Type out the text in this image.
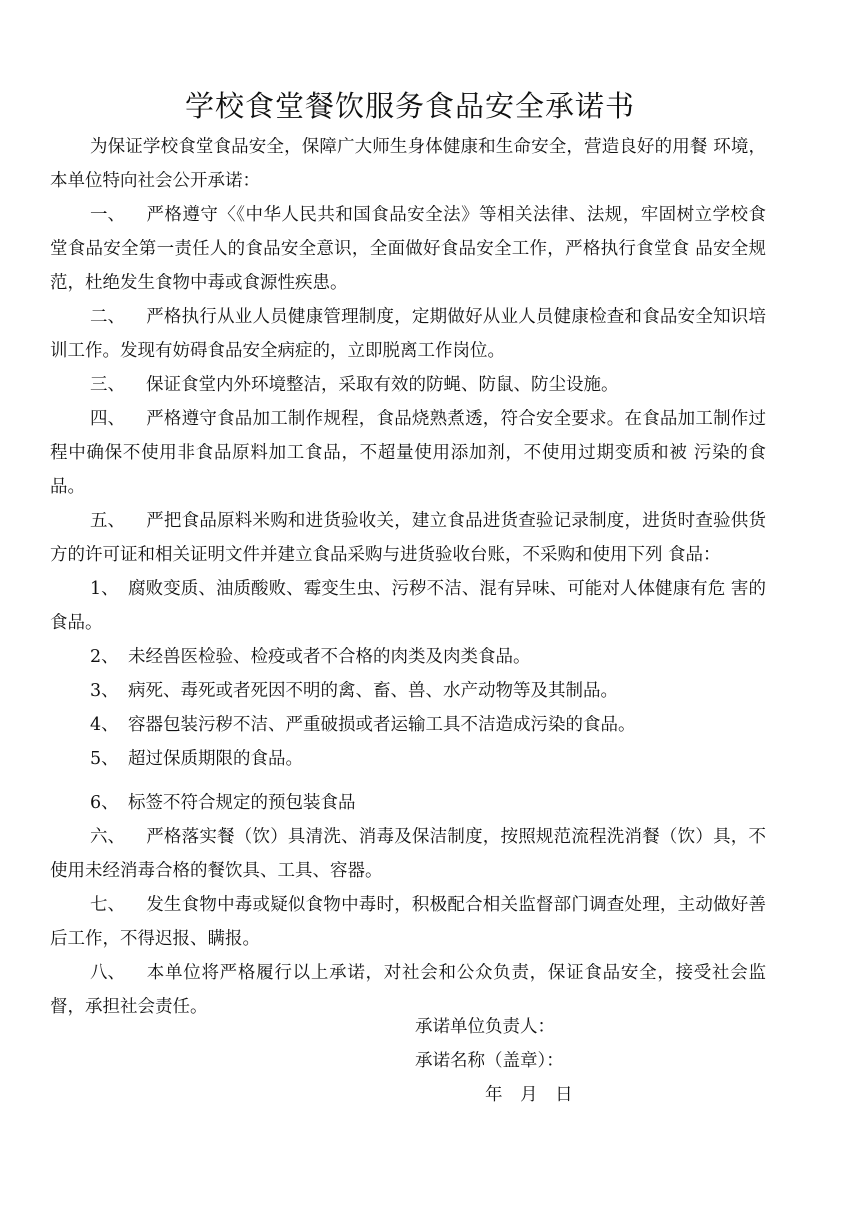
学校食堂餐饮服务食品安全承诺书

为保证学校食堂食品安全，保障广大师生身体健康和生命安全，营造良好的用餐 环境，本单位特向社会公开承诺：

一、 严格遵守〈《中华人民共和国食品安全法》等相关法律、法规，牢固树立学校食堂食品安全第一责任人的食品安全意识，全面做好食品安全工作，严格执行食堂食 品安全规范，杜绝发生食物中毒或食源性疾患。

二、 严格执行从业人员健康管理制度，定期做好从业人员健康检查和食品安全知识培训工作。发现有妨碍食品安全病症的，立即脱离工作岗位。

三、 保证食堂内外环境整洁，采取有效的防蝇、防鼠、防尘设施。

四、 严格遵守食品加工制作规程，食品烧熟煮透，符合安全要求。在食品加工制作过程中确保不使用非食品原料加工食品，不超量使用添加剂，不使用过期变质和被 污染的食品。

五、 严把食品原料米购和进货验收关，建立食品进货查验记录制度，进货时查验供货方的许可证和相关证明文件并建立食品采购与进货验收台账，不采购和使用下列 食品：

1、 腐败变质、油质酸败、霉变生虫、污秽不洁、混有异味、可能对人体健康有危 害的食品。

2、 未经兽医检验、检疫或者不合格的肉类及肉类食品。

3、 病死、毒死或者死因不明的禽、畜、兽、水产动物等及其制品。

4、 容器包装污秽不洁、严重破损或者运输工具不洁造成污染的食品。

5、 超过保质期限的食品。

6、 标签不符合规定的预包装食品

六、 严格落实餐（饮）具清洗、消毒及保洁制度，按照规范流程洗消餐（饮）具，不使用未经消毒合格的餐饮具、工具、容器。

七、 发生食物中毒或疑似食物中毒时，积极配合相关监督部门调查处理，主动做好善后工作，不得迟报、瞒报。

八、 本单位将严格履行以上承诺，对社会和公众负责，保证食品安全，接受社会监督，承担社会责任。

承诺单位负责人：
承诺名称（盖章）：
年 月 日
